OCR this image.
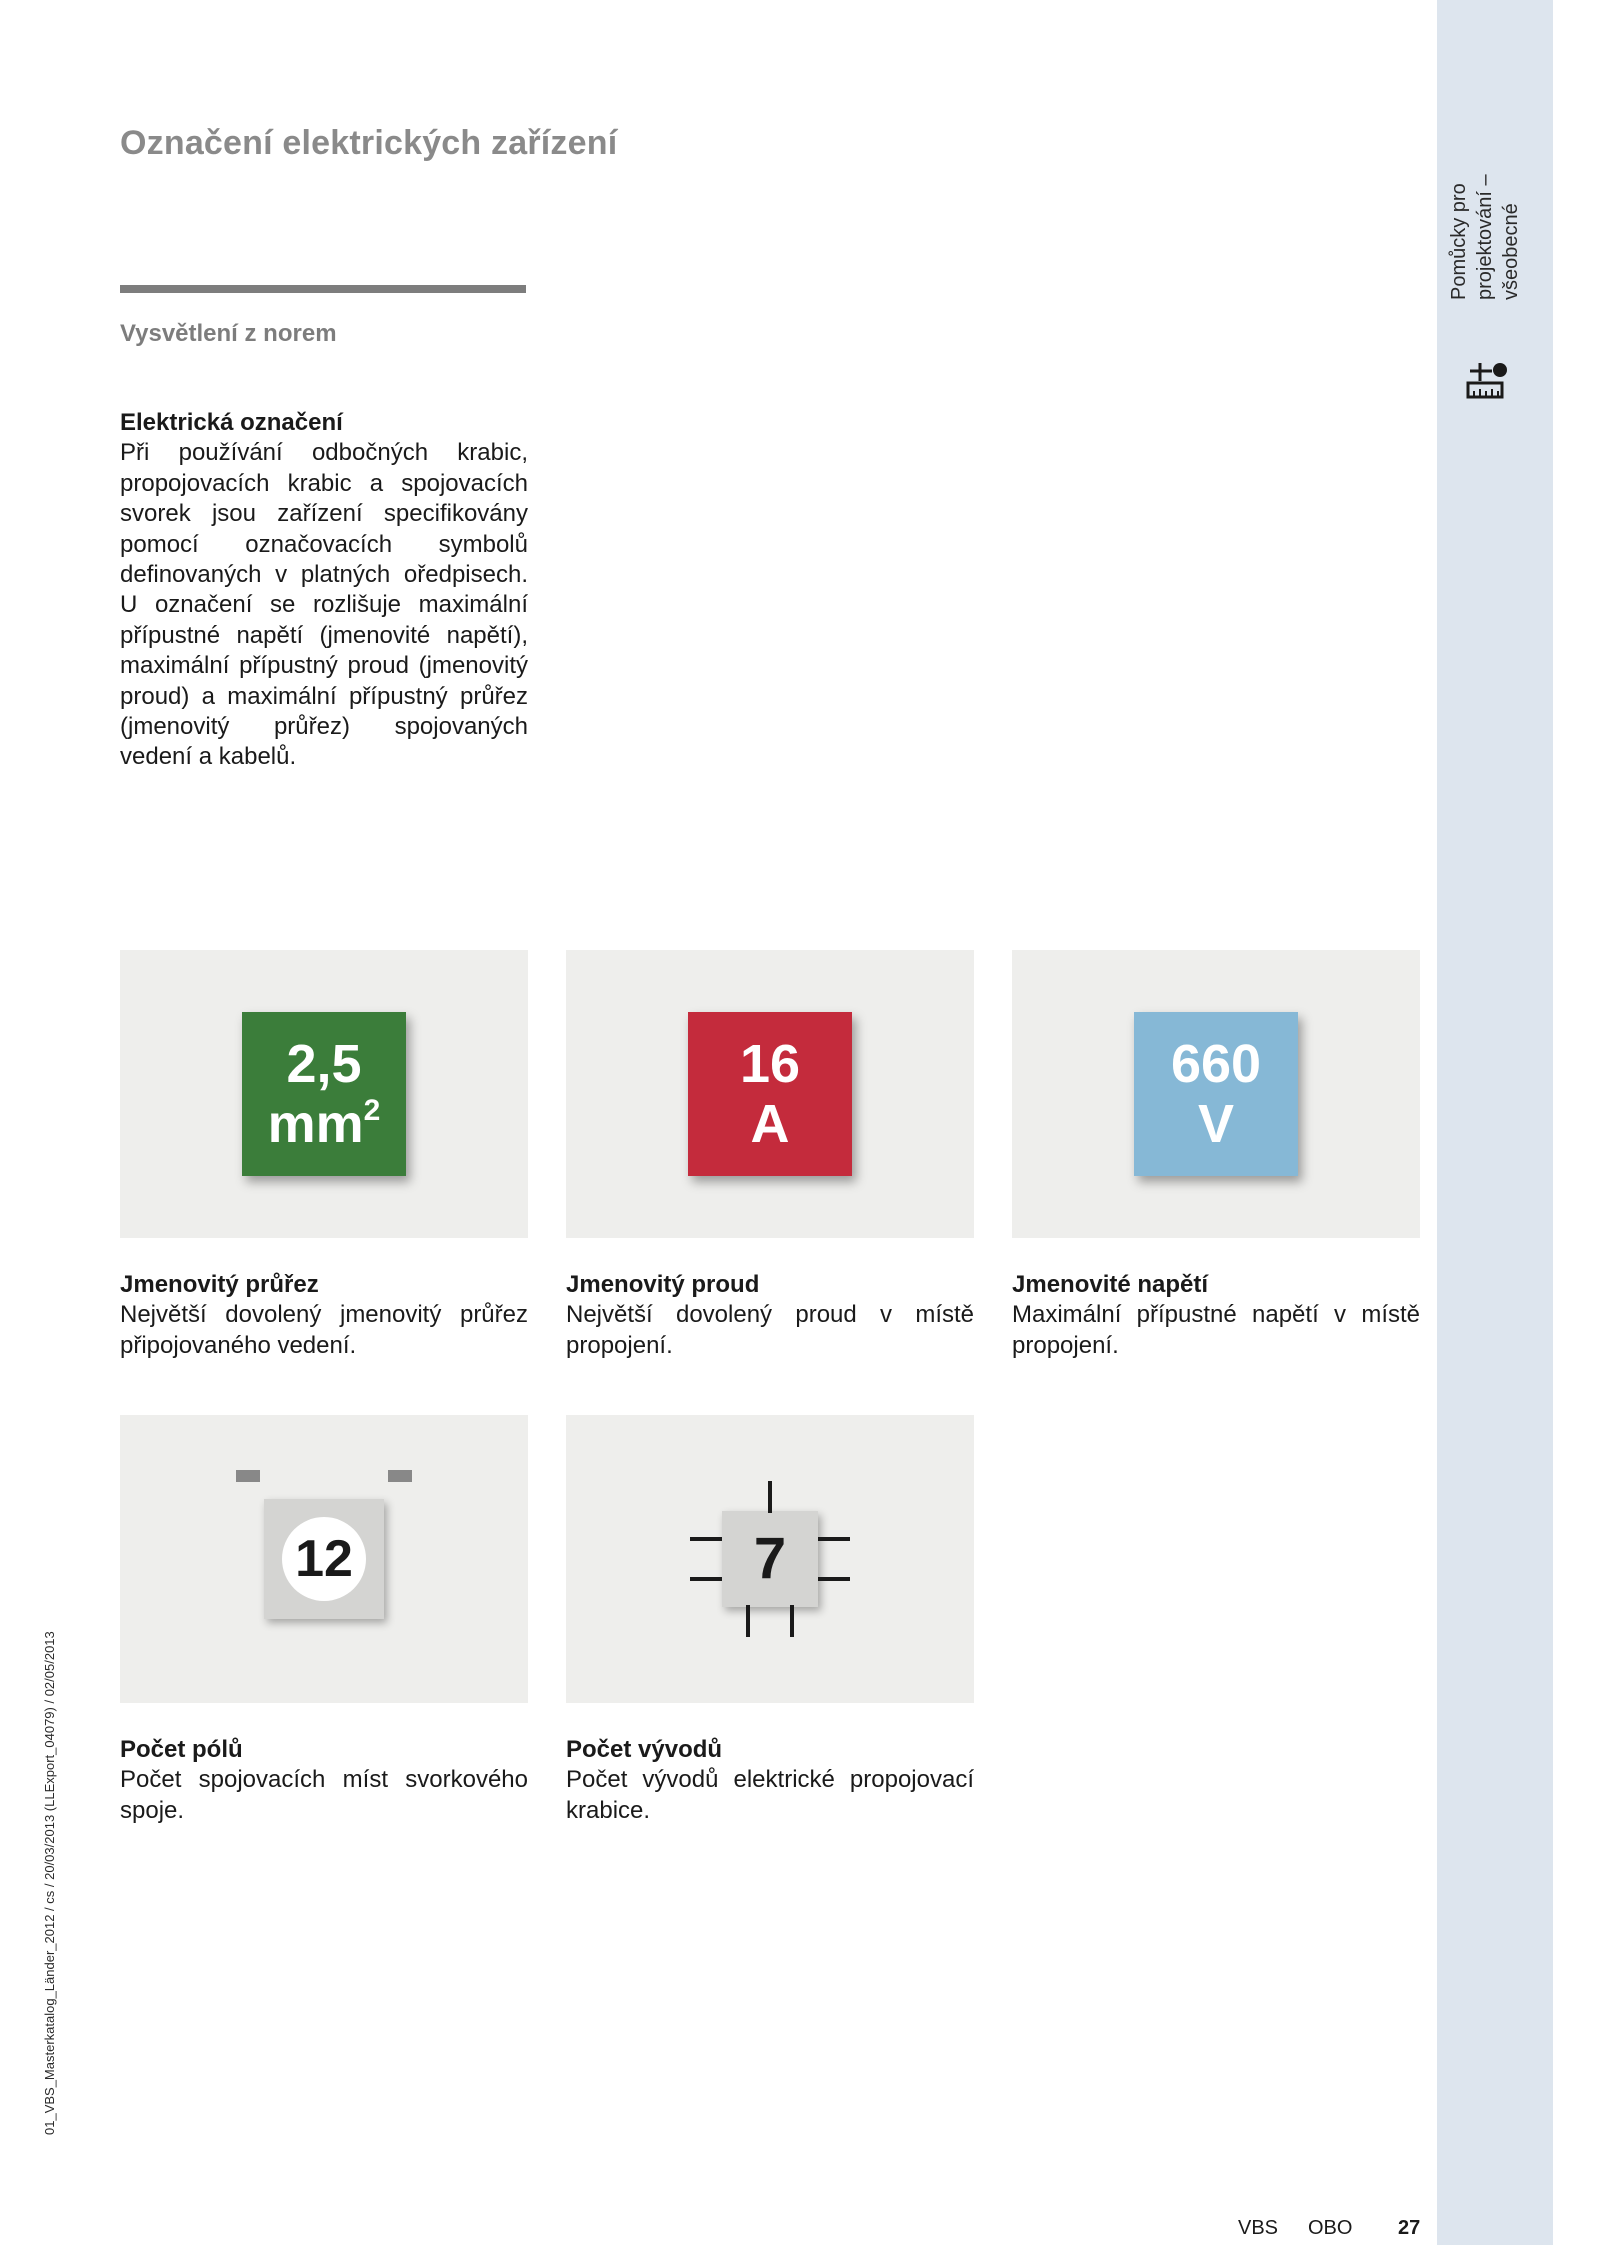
Označení elektrických zařízení
Vysvětlení z norem
Elektrická označení

Při používání odbočných krabic, propojovacích krabic a spojovacích svorek jsou zařízení specifikovány pomocí označovacích symbolů definovaných v platných oředpisech. U označení se rozlišuje maximální přípustné napětí (jmenovité napětí), maximální přípustný proud (jmenovitý proud) a maximální přípustný průřez (jmenovitý průřez) spojovaných vedení a kabelů.

Pomůcky pro projektování – všeobecné
01_VBS_Masterkatalog_Länder_2012 / cs / 20/03/2013 (LLExport_04079) / 02/05/2013
2,5
$mm^2$
Jmenovitý průřez

Největší dovolený jmenovitý průřez připojovaného vedení.

16
A
Jmenovitý proud

Největší dovolený proud v místě propojení.

660
V
Jmenovité napětí

Maximální přípustné napětí v místě propojení.

12
Počet pólů

Počet spojovacích míst svorkového spoje.

7
Počet vývodů

Počet vývodů elektrické propojovací krabice.

VBS OBO 27
